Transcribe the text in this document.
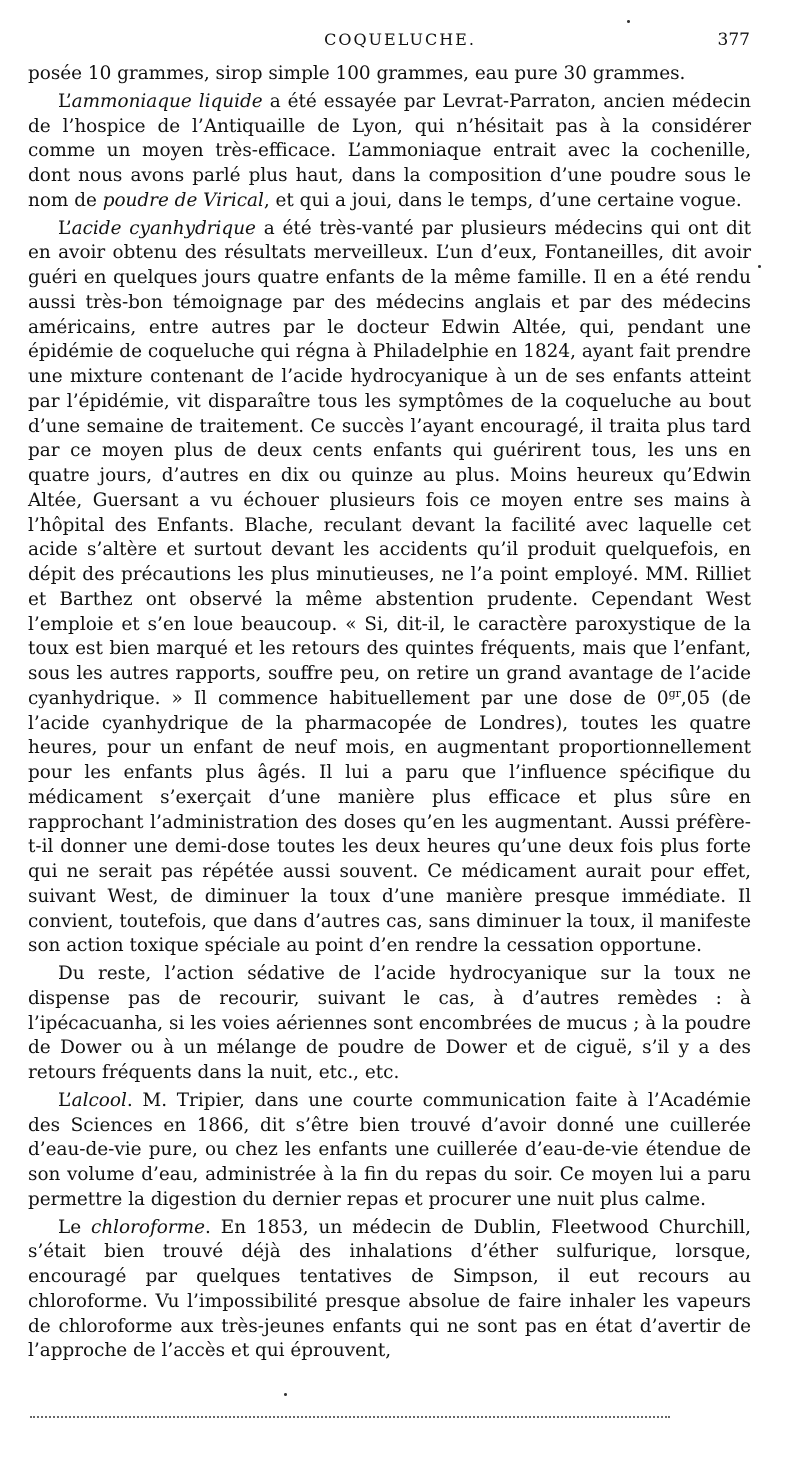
COQUELUCHE.	377

posée 10 grammes, sirop simple 100 grammes, eau pure 30 grammes.

L’ammoniaque liquide a été essayée par Levrat-Parraton, ancien médecin de l’hospice de l’Antiquaille de Lyon, qui n’hésitait pas à la considérer comme un moyen très-efficace. L’ammoniaque entrait avec la cochenille, dont nous avons parlé plus haut, dans la composition d’une poudre sous le nom de poudre de Virical, et qui a joui, dans le temps, d’une certaine vogue.

L’acide cyanhydrique a été très-vanté par plusieurs médecins qui ont dit en avoir obtenu des résultats merveilleux. L’un d’eux, Fontaneilles, dit avoir guéri en quelques jours quatre enfants de la même famille. Il en a été rendu aussi très-bon témoignage par des médecins anglais et par des médecins américains, entre autres par le docteur Edwin Altée, qui, pendant une épidémie de coqueluche qui régna à Philadelphie en 1824, ayant fait prendre une mixture contenant de l’acide hydrocyanique à un de ses enfants atteint par l’épidémie, vit disparaître tous les symptômes de la coqueluche au bout d’une semaine de traitement. Ce succès l’ayant encouragé, il traita plus tard par ce moyen plus de deux cents enfants qui guérirent tous, les uns en quatre jours, d’autres en dix ou quinze au plus. Moins heureux qu’Edwin Altée, Guersant a vu échouer plusieurs fois ce moyen entre ses mains à l’hôpital des Enfants. Blache, reculant devant la facilité avec laquelle cet acide s’altère et surtout devant les accidents qu’il produit quelquefois, en dépit des précautions les plus minutieuses, ne l’a point employé. MM. Rilliet et Barthez ont observé la même abstention prudente. Cependant West l’emploie et s’en loue beaucoup. « Si, dit-il, le caractère paroxystique de la toux est bien marqué et les retours des quintes fréquents, mais que l’enfant, sous les autres rapports, souffre peu, on retire un grand avantage de l’acide cyanhydrique. » Il commence habituellement par une dose de $0^{gr},05$ (de l’acide cyanhydrique de la pharmacopée de Londres), toutes les quatre heures, pour un enfant de neuf mois, en augmentant proportionnellement pour les enfants plus âgés. Il lui a paru que l’influence spécifique du médicament s’exerçait d’une manière plus efficace et plus sûre en rapprochant l’administration des doses qu’en les augmentant. Aussi préfère-t-il donner une demi-dose toutes les deux heures qu’une deux fois plus forte qui ne serait pas répétée aussi souvent. Ce médicament aurait pour effet, suivant West, de diminuer la toux d’une manière presque immédiate. Il convient, toutefois, que dans d’autres cas, sans diminuer la toux, il manifeste son action toxique spéciale au point d’en rendre la cessation opportune.

Du reste, l’action sédative de l’acide hydrocyanique sur la toux ne dispense pas de recourir, suivant le cas, à d’autres remèdes : à l’ipécacuanha, si les voies aériennes sont encombrées de mucus ; à la poudre de Dower ou à un mélange de poudre de Dower et de ciguë, s’il y a des retours fréquents dans la nuit, etc., etc.

L’alcool. M. Tripier, dans une courte communication faite à l’Académie des Sciences en 1866, dit s’être bien trouvé d’avoir donné une cuillerée d’eau-de-vie pure, ou chez les enfants une cuillerée d’eau-de-vie étendue de son volume d’eau, administrée à la fin du repas du soir. Ce moyen lui a paru permettre la digestion du dernier repas et procurer une nuit plus calme.

Le chloroforme. En 1853, un médecin de Dublin, Fleetwood Churchill, s’était bien trouvé déjà des inhalations d’éther sulfurique, lorsque, encouragé par quelques tentatives de Simpson, il eut recours au chloroforme. Vu l’impossibilité presque absolue de faire inhaler les vapeurs de chloroforme aux très-jeunes enfants qui ne sont pas en état d’avertir de l’approche de l’accès et qui éprouvent,
